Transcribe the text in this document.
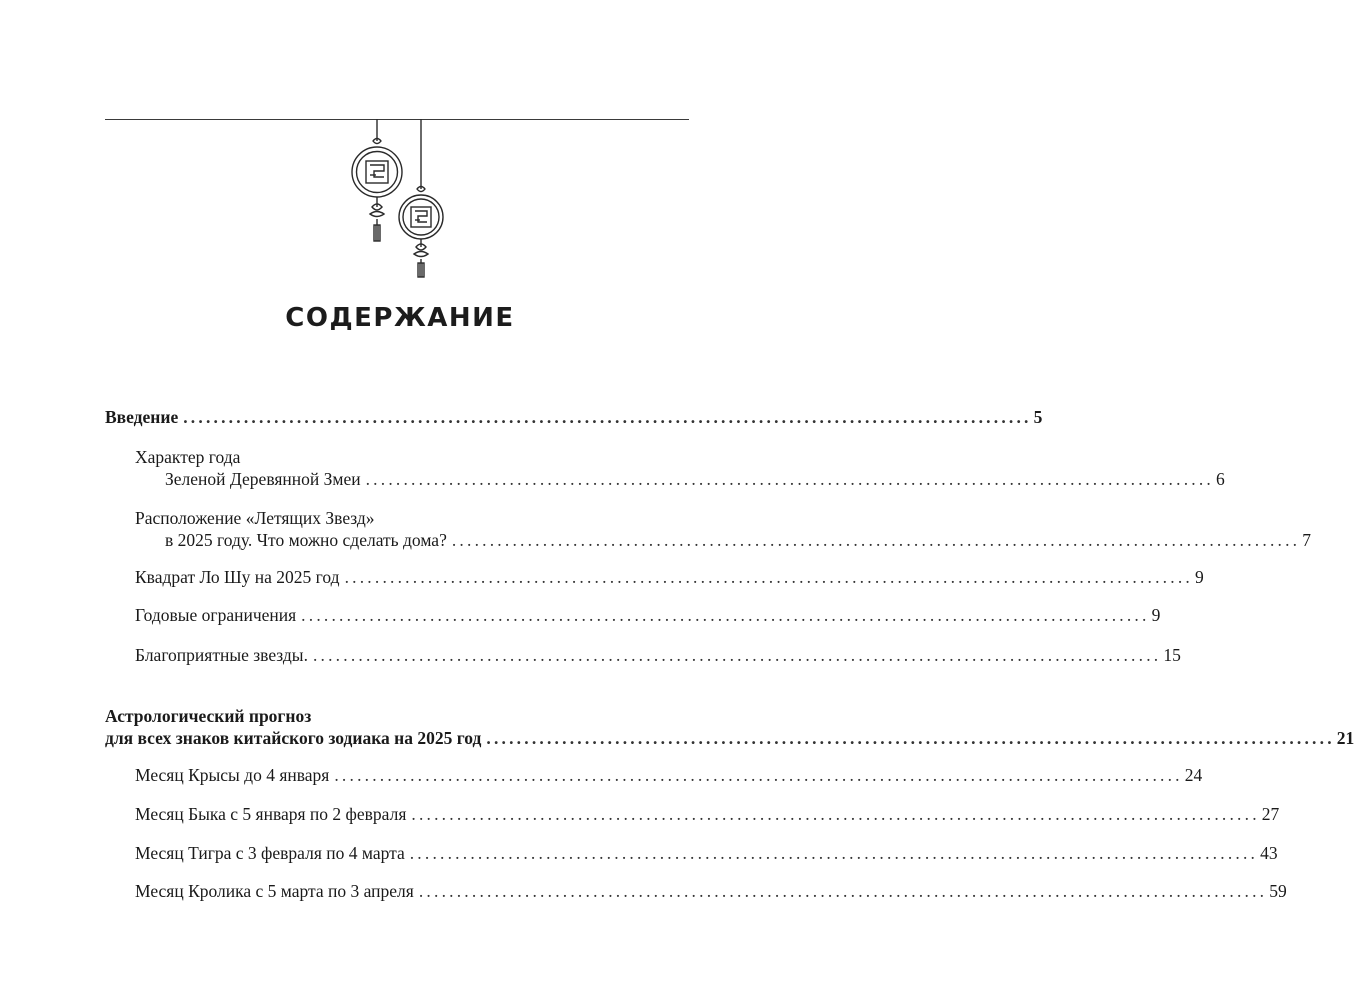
СОДЕРЖАНИЕ
Введение ................................................................................................................ 5
Характер года
Зеленой Деревянной Змеи ................................................................................................................ 6
Расположение «Летящих Звезд»
в 2025 году. Что можно сделать дома? ................................................................................................................ 7
Квадрат Ло Шу на 2025 год ................................................................................................................ 9
Годовые ограничения ................................................................................................................ 9
Благоприятные звезды. ................................................................................................................ 15
Астрологический прогноз
для всех знаков китайского зодиака на 2025 год ................................................................................................................ 21
Месяц Крысы до 4 января ................................................................................................................ 24
Месяц Быка с 5 января по 2 февраля ................................................................................................................ 27
Месяц Тигра с 3 февраля по 4 марта ................................................................................................................ 43
Месяц Кролика с 5 марта по 3 апреля ................................................................................................................ 59
